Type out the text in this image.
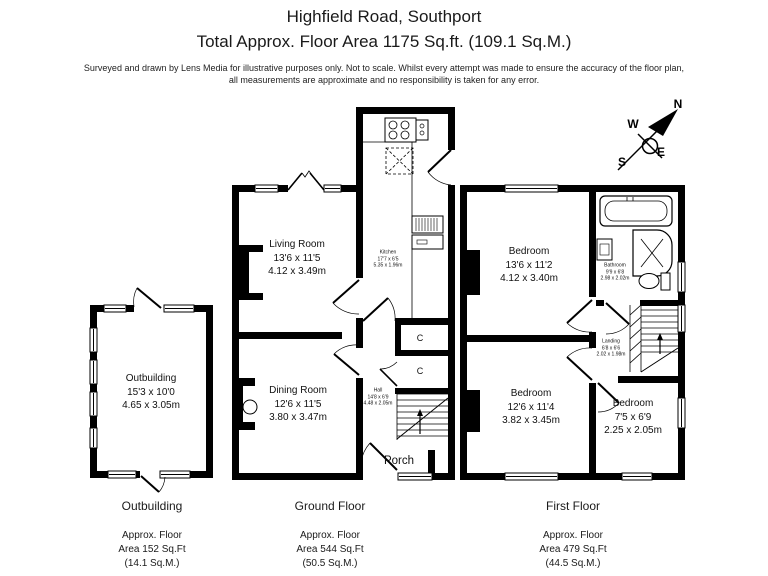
Highfield Road, Southport
Total Approx. Floor Area 1175 Sq.ft. (109.1 Sq.M.)
Surveyed and drawn by Lens Media for illustrative purposes only. Not to scale. Whilst every attempt was made to ensure the accuracy of the floor plan,
all measurements are approximate and no responsibility is taken for any error.
N
W
E
S
Living Room
13'6 x 11'5
4.12 x 3.49m
Kitchen
17'7 x 6'5
5.35 x 1.96m
Dining Room
12'6 x 11'5
3.80 x 3.47m
Hall
14'8 x 6'9
4.48 x 2.05m
Porch
C
C
Outbuilding
15'3 x 10'0
4.65 x 3.05m
Bedroom
13'6 x 11'2
4.12 x 3.40m
Bathroom
9'9 x 6'8
2.98 x 2.02m
Landing
6'8 x 6'6
2.02 x 1.98m
Bedroom
12'6 x 11'4
3.82 x 3.45m
Bedroom
7'5 x 6'9
2.25 x 2.05m
Outbuilding
Approx. Floor
Area 152 Sq.Ft
(14.1 Sq.M.)
Ground Floor
Approx. Floor
Area 544 Sq.Ft
(50.5 Sq.M.)
First Floor
Approx. Floor
Area 479 Sq.Ft
(44.5 Sq.M.)
